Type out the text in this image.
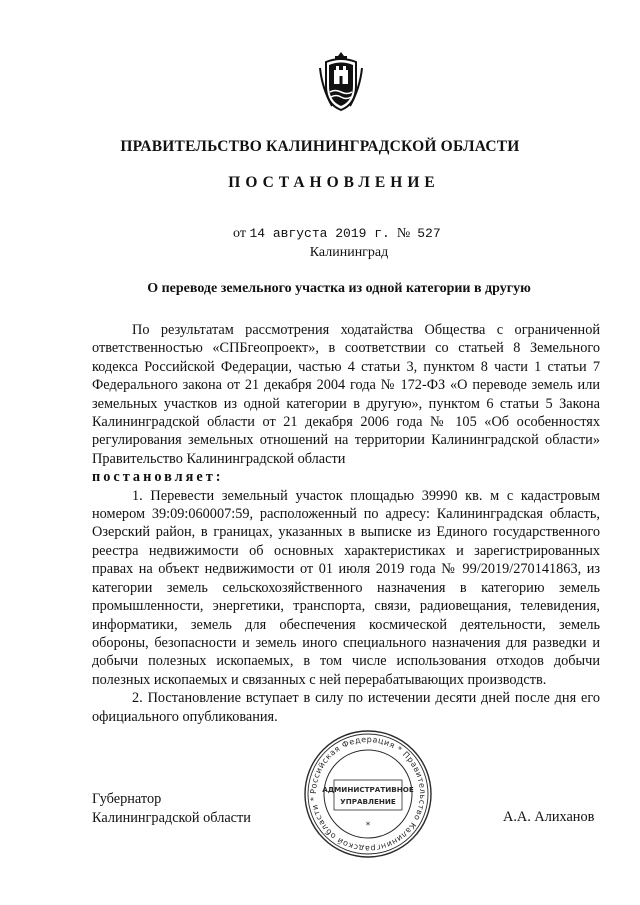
ПРАВИТЕЛЬСТВО КАЛИНИНГРАДСКОЙ ОБЛАСТИ
ПОСТАНОВЛЕНИЕ
от 14 августа 2019 г. № 527
Калининград
О переводе земельного участка из одной категории в другую

По результатам рассмотрения ходатайства Общества с ограниченной ответственностью «СПБгеопроект», в соответствии со статьей 8 Земельного кодекса Российской Федерации, частью 4 статьи 3, пунктом 8 части 1 статьи 7 Федерального закона от 21 декабря 2004 года № 172-ФЗ «О переводе земель или земельных участков из одной категории в другую», пунктом 6 статьи 5 Закона Калининградской области от 21 декабря 2006 года № 105 «Об особенностях регулирования земельных отношений на территории Калининградской области» Правительство Калининградской области

постановляет:

1. Перевести земельный участок площадью 39990 кв. м с кадастровым номером 39:09:060007:59, расположенный по адресу: Калининградская область, Озерский район, в границах, указанных в выписке из Единого государственного реестра недвижимости об основных характеристиках и зарегистрированных правах на объект недвижимости от 01 июля 2019 года № 99/2019/270141863, из категории земель сельскохозяйственного назначения в категорию земель промышленности, энергетики, транспорта, связи, радиовещания, телевидения, информатики, земель для обеспечения космической деятельности, земель обороны, безопасности и земель иного специального назначения для разведки и добычи полезных ископаемых, в том числе использования отходов добычи полезных ископаемых и связанных с ней перерабатывающих производств.

2. Постановление вступает в силу по истечении десяти дней после дня его официального опубликования.

Губернатор
Калининградской области	А.А. Алиханов
Российская Федерация * Правительство Калининградской области *
АДМИНИСТРАТИВНОЕ
УПРАВЛЕНИЕ
*
